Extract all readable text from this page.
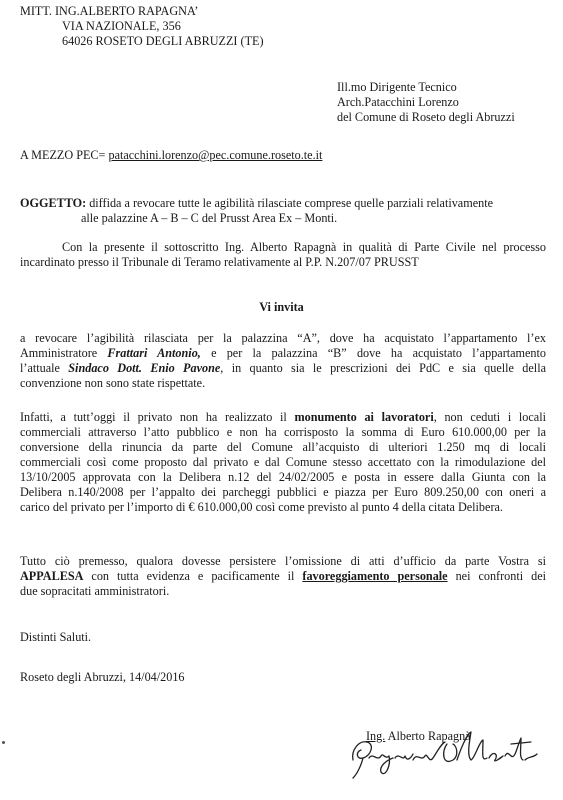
MITT. ING.ALBERTO RAPAGNA’
VIA NAZIONALE, 356
64026 ROSETO DEGLI ABRUZZI (TE)
Ill.mo Dirigente Tecnico
Arch.Patacchini Lorenzo
del Comune di Roseto degli Abruzzi
A MEZZO PEC= patacchini.lorenzo@pec.comune.roseto.te.it
OGGETTO: diffida a revocare tutte le agibilità rilasciate comprese quelle parziali relativamente
alle palazzine A – B – C del Prusst Area Ex – Monti.
Con la presente il sottoscritto Ing. Alberto Rapagnà in qualità di Parte Civile nel processo
incardinato presso il Tribunale di Teramo relativamente al P.P. N.207/07 PRUSST
Vi invita
a revocare l’agibilità rilasciata per la palazzina “A”, dove ha acquistato l’appartamento l’ex
Amministratore Frattari Antonio, e per la palazzina “B” dove ha acquistato l’appartamento
l’attuale Sindaco Dott. Enio Pavone, in quanto sia le prescrizioni dei PdC e sia quelle della
convenzione non sono state rispettate.
Infatti, a tutt’oggi il privato non ha realizzato il monumento ai lavoratori, non ceduti i locali
commerciali attraverso l’atto pubblico e non ha corrisposto la somma di Euro 610.000,00 per la
conversione della rinuncia da parte del Comune all’acquisto di ulteriori 1.250 mq di locali
commerciali così come proposto dal privato e dal Comune stesso accettato con la rimodulazione del
13/10/2005 approvata con la Delibera n.12 del 24/02/2005 e posta in essere dalla Giunta con la
Delibera n.140/2008 per l’appalto dei parcheggi pubblici e piazza per Euro 809.250,00 con oneri a
carico del privato per l’importo di € 610.000,00 così come previsto al punto 4 della citata Delibera.
Tutto ciò premesso, qualora dovesse persistere l’omissione di atti d’ufficio da parte Vostra si
APPALESA con tutta evidenza e pacificamente il favoreggiamento personale nei confronti dei
due sopracitati amministratori.
Distinti Saluti.
Roseto degli Abruzzi, 14/04/2016
Ing. Alberto Rapagnà
